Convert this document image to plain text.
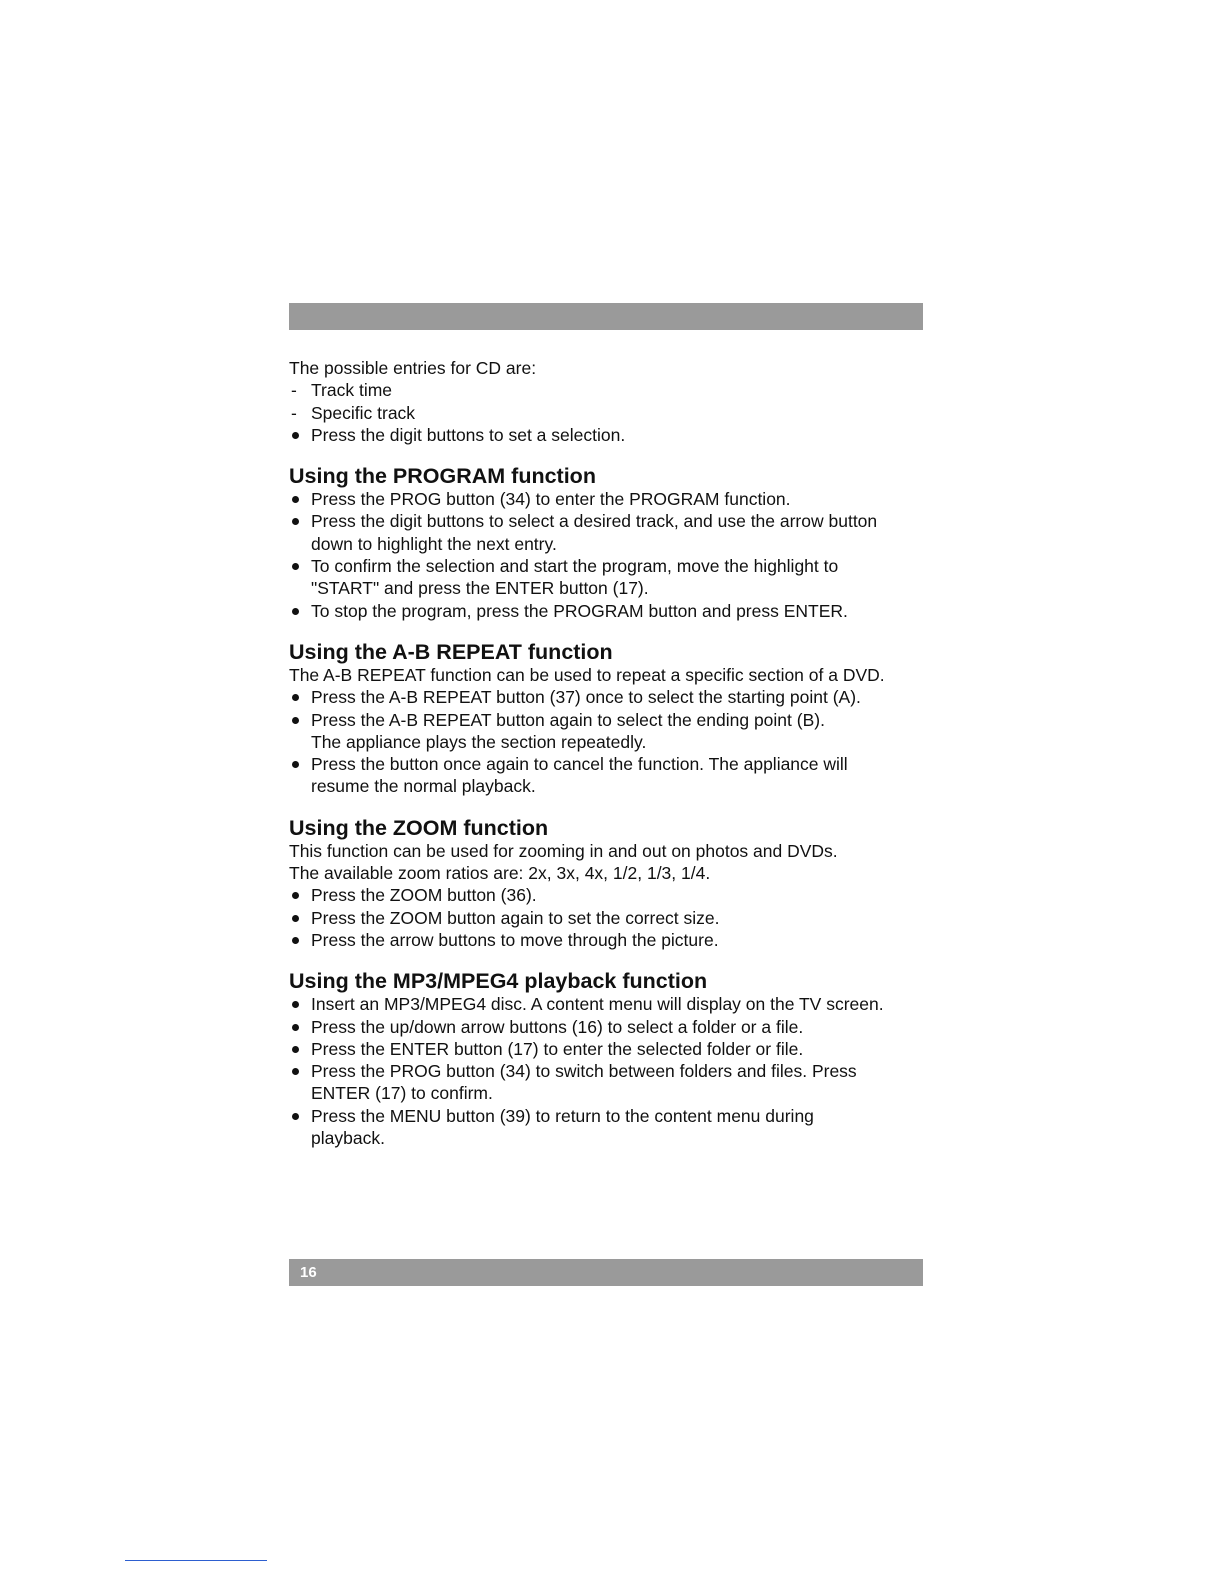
The possible entries for CD are:

- Track time

- Specific track

Press the digit buttons to set a selection.

Using the PROGRAM function

Press the PROG button (34) to enter the PROGRAM function.

Press the digit buttons to select a desired track, and use the arrow button

down to highlight the next entry.

To confirm the selection and start the program, move the highlight to

"START" and press the ENTER button (17).

To stop the program, press the PROGRAM button and press ENTER.

Using the A-B REPEAT function

The A-B REPEAT function can be used to repeat a specific section of a DVD.

Press the A-B REPEAT button (37) once to select the starting point (A).

Press the A-B REPEAT button again to select the ending point (B).

The appliance plays the section repeatedly.

Press the button once again to cancel the function. The appliance will

resume the normal playback.

Using the ZOOM function

This function can be used for zooming in and out on photos and DVDs.

The available zoom ratios are: 2x, 3x, 4x, 1/2, 1/3, 1/4.

Press the ZOOM button (36).

Press the ZOOM button again to set the correct size.

Press the arrow buttons to move through the picture.

Using the MP3/MPEG4 playback function

Insert an MP3/MPEG4 disc. A content menu will display on the TV screen.

Press the up/down arrow buttons (16) to select a folder or a file.

Press the ENTER button (17) to enter the selected folder or file.

Press the PROG button (34) to switch between folders and files. Press

ENTER (17) to confirm.

Press the MENU button (39) to return to the content menu during

playback.

16
